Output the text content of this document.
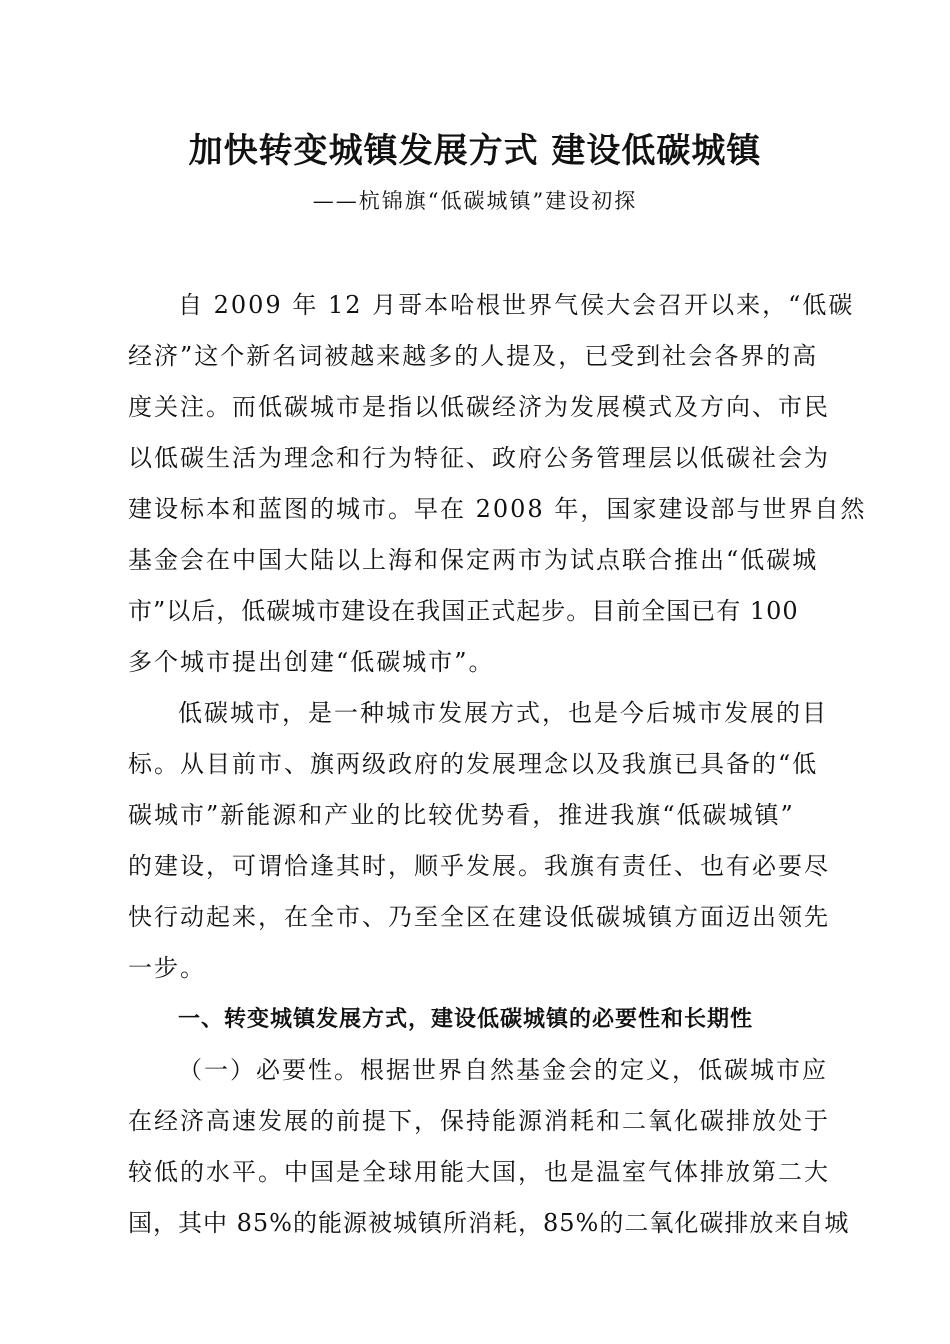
加快转变城镇发展方式 建设低碳城镇
——杭锦旗“低碳城镇”建设初探
自 2009 年 12 月哥本哈根世界气侯大会召开以来，“低碳
经济”这个新名词被越来越多的人提及，已受到社会各界的高
度关注。而低碳城市是指以低碳经济为发展模式及方向、市民
以低碳生活为理念和行为特征、政府公务管理层以低碳社会为
建设标本和蓝图的城市。早在 2008 年，国家建设部与世界自然
基金会在中国大陆以上海和保定两市为试点联合推出“低碳城
市”以后，低碳城市建设在我国正式起步。目前全国已有 100
多个城市提出创建“低碳城市”。
低碳城市，是一种城市发展方式，也是今后城市发展的目
标。从目前市、旗两级政府的发展理念以及我旗已具备的“低
碳城市”新能源和产业的比较优势看，推进我旗“低碳城镇”
的建设，可谓恰逢其时，顺乎发展。我旗有责任、也有必要尽
快行动起来，在全市、乃至全区在建设低碳城镇方面迈出领先
一步。
一、转变城镇发展方式，建设低碳城镇的必要性和长期性
（一）必要性。根据世界自然基金会的定义，低碳城市应
在经济高速发展的前提下，保持能源消耗和二氧化碳排放处于
较低的水平。中国是全球用能大国，也是温室气体排放第二大
国，其中 85%的能源被城镇所消耗，85%的二氧化碳排放来自城
